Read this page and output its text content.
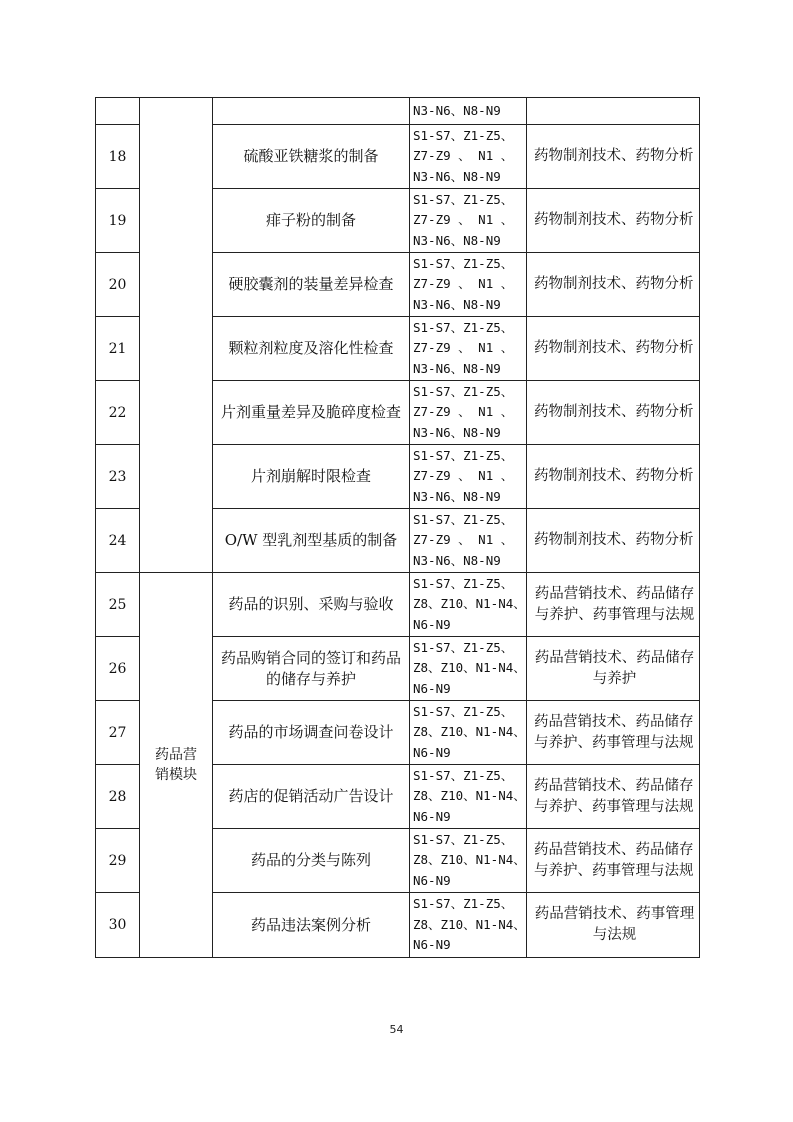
			N3-N6、N8-N9	
18		硫酸亚铁糖浆的制备	S1-S7、Z1-Z5、
Z7-Z9 、 N1 、
N3-N6、N8-N9	药物制剂技术、药物分析
19		痱子粉的制备	S1-S7、Z1-Z5、
Z7-Z9 、 N1 、
N3-N6、N8-N9	药物制剂技术、药物分析
20		硬胶囊剂的装量差异检查	S1-S7、Z1-Z5、
Z7-Z9 、 N1 、
N3-N6、N8-N9	药物制剂技术、药物分析
21		颗粒剂粒度及溶化性检查	S1-S7、Z1-Z5、
Z7-Z9 、 N1 、
N3-N6、N8-N9	药物制剂技术、药物分析
22		片剂重量差异及脆碎度检查	S1-S7、Z1-Z5、
Z7-Z9 、 N1 、
N3-N6、N8-N9	药物制剂技术、药物分析
23		片剂崩解时限检查	S1-S7、Z1-Z5、
Z7-Z9 、 N1 、
N3-N6、N8-N9	药物制剂技术、药物分析
24		O/W 型乳剂型基质的制备	S1-S7、Z1-Z5、
Z7-Z9 、 N1 、
N3-N6、N8-N9	药物制剂技术、药物分析
25	药品营销模块	药品的识别、采购与验收	S1-S7、Z1-Z5、
Z8、Z10、N1-N4、
N6-N9	药品营销技术、药品储存与养护、药事管理与法规
26		药品购销合同的签订和药品的储存与养护	S1-S7、Z1-Z5、
Z8、Z10、N1-N4、
N6-N9	药品营销技术、药品储存与养护
27		药品的市场调查问卷设计	S1-S7、Z1-Z5、
Z8、Z10、N1-N4、
N6-N9	药品营销技术、药品储存与养护、药事管理与法规
28		药店的促销活动广告设计	S1-S7、Z1-Z5、
Z8、Z10、N1-N4、
N6-N9	药品营销技术、药品储存与养护、药事管理与法规
29		药品的分类与陈列	S1-S7、Z1-Z5、
Z8、Z10、N1-N4、
N6-N9	药品营销技术、药品储存与养护、药事管理与法规
30		药品违法案例分析	S1-S7、Z1-Z5、
Z8、Z10、N1-N4、
N6-N9	药品营销技术、药事管理与法规
54
